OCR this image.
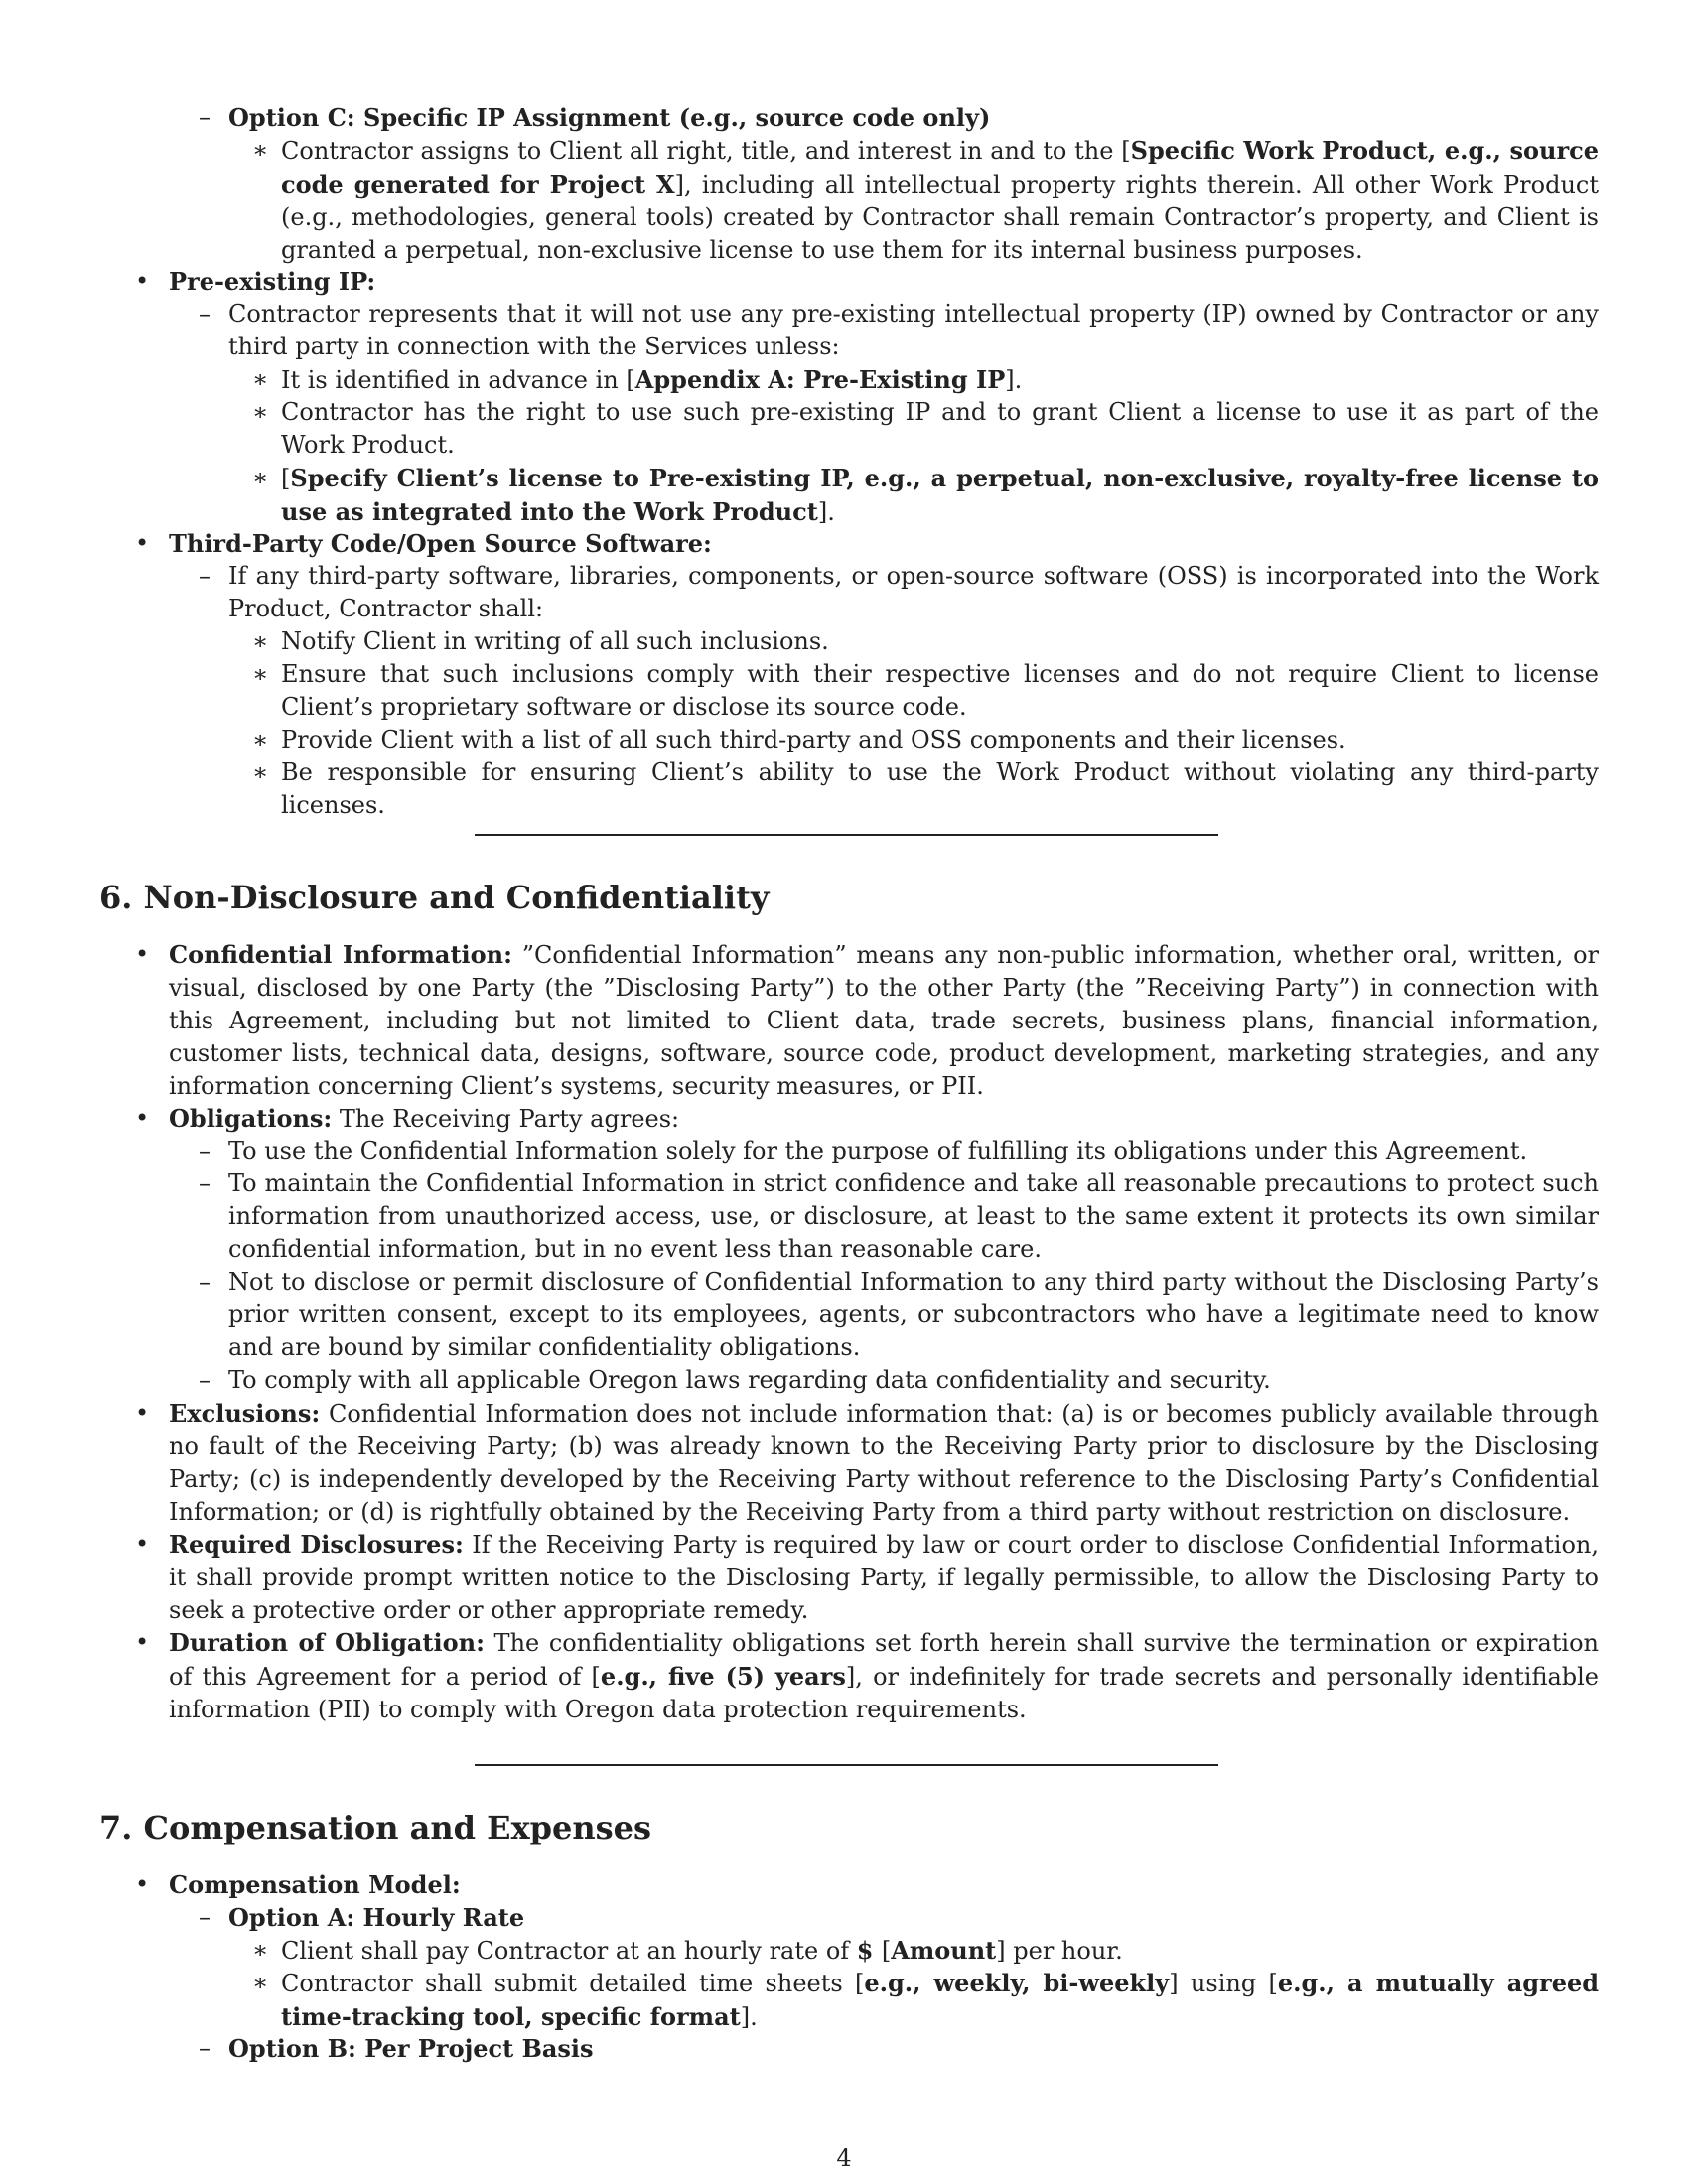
– Option C: Specific IP Assignment (e.g., source code only)
∗ Contractor assigns to Client all right, title, and interest in and to the [Specific Work Product, e.g., source code generated for Project X], including all intellectual property rights therein. All other Work Product (e.g., methodologies, general tools) created by Contractor shall remain Contractor’s property, and Client is granted a perpetual, non-exclusive license to use them for its internal business purposes.
• Pre-existing IP:
– Contractor represents that it will not use any pre-existing intellectual property (IP) owned by Contractor or any third party in connection with the Services unless:
∗ It is identified in advance in [Appendix A: Pre-Existing IP].
∗ Contractor has the right to use such pre-existing IP and to grant Client a license to use it as part of the Work Product.
∗ [Specify Client’s license to Pre-existing IP, e.g., a perpetual, non-exclusive, royalty-free license to use as integrated into the Work Product].
• Third-Party Code/Open Source Software:
– If any third-party software, libraries, components, or open-source software (OSS) is incorporated into the Work Product, Contractor shall:
∗ Notify Client in writing of all such inclusions.
∗ Ensure that such inclusions comply with their respective licenses and do not require Client to license Client’s proprietary software or disclose its source code.
∗ Provide Client with a list of all such third-party and OSS components and their licenses.
∗ Be responsible for ensuring Client’s ability to use the Work Product without violating any third-party licenses.
6. Non-Disclosure and Confidentiality
• Confidential Information: ”Confidential Information” means any non-public information, whether oral, written, or visual, disclosed by one Party (the ”Disclosing Party”) to the other Party (the ”Receiving Party”) in connection with this Agreement, including but not limited to Client data, trade secrets, business plans, financial information, customer lists, technical data, designs, software, source code, product development, marketing strategies, and any information concerning Client’s systems, security measures, or PII.
• Obligations: The Receiving Party agrees:
– To use the Confidential Information solely for the purpose of fulfilling its obligations under this Agreement.
– To maintain the Confidential Information in strict confidence and take all reasonable precautions to protect such information from unauthorized access, use, or disclosure, at least to the same extent it protects its own similar confidential information, but in no event less than reasonable care.
– Not to disclose or permit disclosure of Confidential Information to any third party without the Disclosing Party’s prior written consent, except to its employees, agents, or subcontractors who have a legitimate need to know and are bound by similar confidentiality obligations.
– To comply with all applicable Oregon laws regarding data confidentiality and security.
• Exclusions: Confidential Information does not include information that: (a) is or becomes publicly available through no fault of the Receiving Party; (b) was already known to the Receiving Party prior to disclosure by the Disclosing Party; (c) is independently developed by the Receiving Party without reference to the Disclosing Party’s Confidential Information; or (d) is rightfully obtained by the Receiving Party from a third party without restriction on disclosure.
• Required Disclosures: If the Receiving Party is required by law or court order to disclose Confidential Information, it shall provide prompt written notice to the Disclosing Party, if legally permissible, to allow the Disclosing Party to seek a protective order or other appropriate remedy.
• Duration of Obligation: The confidentiality obligations set forth herein shall survive the termination or expiration of this Agreement for a period of [e.g., five (5) years], or indefinitely for trade secrets and personally identifiable information (PII) to comply with Oregon data protection requirements.
7. Compensation and Expenses
• Compensation Model:
– Option A: Hourly Rate
∗ Client shall pay Contractor at an hourly rate of $ [Amount] per hour.
∗ Contractor shall submit detailed time sheets [e.g., weekly, bi-weekly] using [e.g., a mutually agreed time-tracking tool, specific format].
– Option B: Per Project Basis
4
